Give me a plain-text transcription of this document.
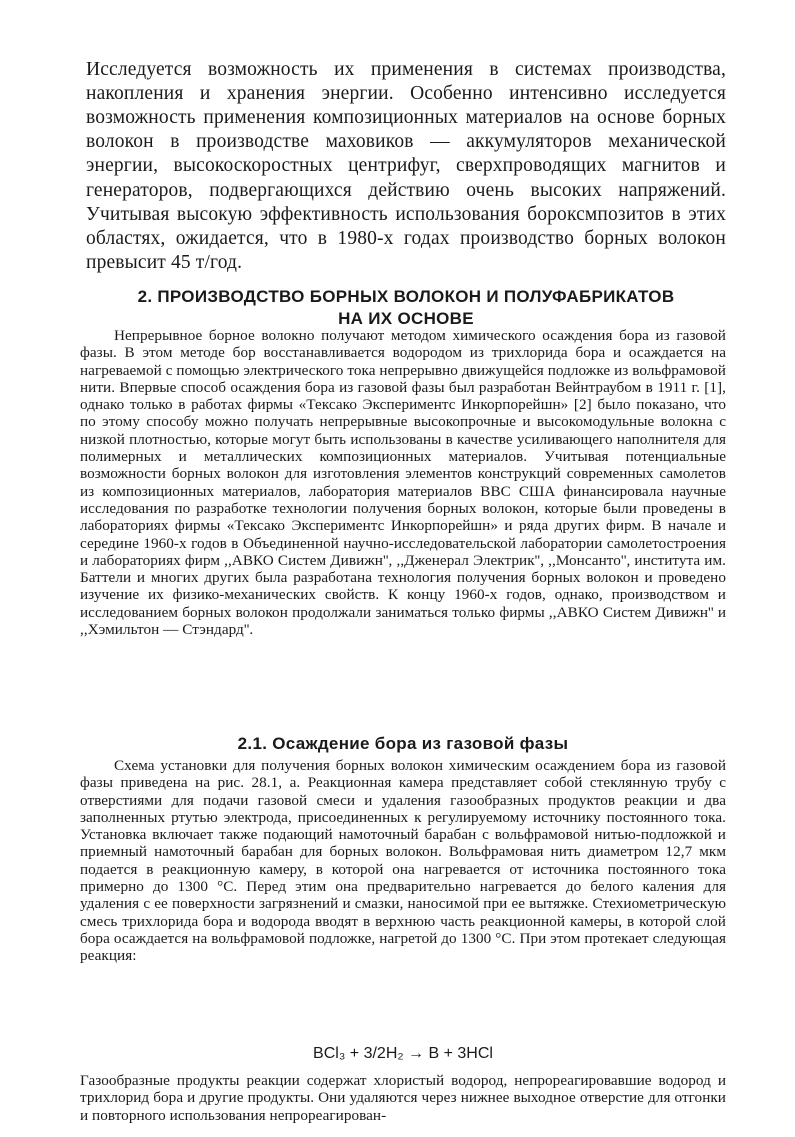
Исследуется возможность их применения в системах производства, накопления и хранения энергии. Особенно интенсивно исследуется возможность применения композиционных материалов на основе борных волокон в производстве маховиков — аккумуляторов механической энергии, высокоскоростных центрифуг, сверхпроводящих магнитов и генераторов, подвергающихся действию очень высоких напряжений. Учитывая высокую эффективность использования бороксмпозитов в этих областях, ожидается, что в 1980-х годах производство борных волокон превысит 45 т/год.

2. ПРОИЗВОДСТВО БОРНЫХ ВОЛОКОН И ПОЛУФАБРИКАТОВ
НА ИХ ОСНОВЕ
Непрерывное борное волокно получают методом химического осаждения бора из газовой фазы. В этом методе бор восстанавливается водородом из трихлорида бора и осаждается на нагреваемой с помощью электрического тока непрерывно движущейся подложке из вольфрамовой нити. Впервые способ осаждения бора из газовой фазы был разработан Вейнтраубом в 1911 г. [1], однако только в работах фирмы «Тексако Экспериментс Инкорпорейшн» [2] было показано, что по этому способу можно получать непрерывные высокопрочные и высокомодульные волокна с низкой плотностью, которые могут быть использованы в качестве усиливающего наполнителя для полимерных и металлических композиционных материалов. Учитывая потенциальные возможности борных волокон для изготовления элементов конструкций современных самолетов из композиционных материалов, лаборатория материалов ВВС США финансировала научные исследования по разработке технологии получения борных волокон, которые были проведены в лабораториях фирмы «Тексако Экспериментс Инкорпорейшн» и ряда других фирм. В начале и середине 1960-х годов в Объединенной научно-исследовательской лаборатории самолетостроения и лабораториях фирм ,,АВКО Систем Дивижн'', ,,Дженерал Электрик'', ,,Монсанто'', института им. Баттели и многих других была разработана технология получения борных волокон и проведено изучение их физико-механических свойств. К концу 1960-х годов, однако, производством и исследованием борных волокон продолжали заниматься только фирмы ,,АВКО Систем Дивижн'' и ,,Хэмильтон — Стэндард''.
2.1. Осаждение бора из газовой фазы
Схема установки для получения борных волокон химическим осаждением бора из газовой фазы приведена на рис. 28.1, а. Реакционная камера представляет собой стеклянную трубу с отверстиями для подачи газовой смеси и удаления газообразных продуктов реакции и два заполненных ртутью электрода, присоединенных к регулируемому источнику постоянного тока. Установка включает также подающий намоточный барабан с вольфрамовой нитью-подложкой и приемный намоточный барабан для борных волокон. Вольфрамовая нить диаметром 12,7 мкм подается в реакционную камеру, в которой она нагревается от источника постоянного тока примерно до 1300 °С. Перед этим она предварительно нагревается до белого каления для удаления с ее поверхности загрязнений и смазки, наносимой при ее вытяжке. Стехиометрическую смесь трихлорида бора и водорода вводят в верхнюю часть реакционной камеры, в которой слой бора осаждается на вольфрамовой подложке, нагретой до 1300 °С. При этом протекает следующая реакция:
BCl₃ + 3/2H₂ → B + 3HCl
Газообразные продукты реакции содержат хлористый водород, непрореагировавшие водород и трихлорид бора и другие продукты. Они удаляются через нижнее выходное отверстие для отгонки и повторного использования непрореагирован-
